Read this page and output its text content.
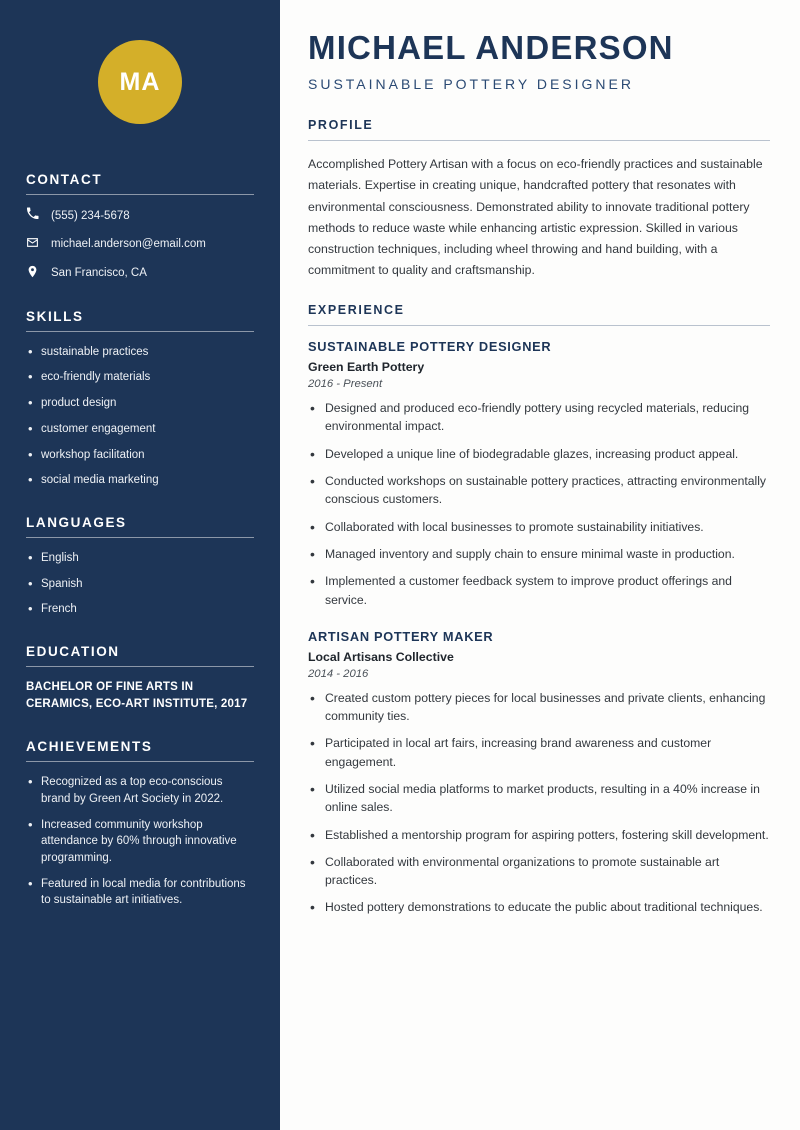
MA
CONTACT
(555) 234-5678
michael.anderson@email.com
San Francisco, CA
SKILLS
• sustainable practices
• eco-friendly materials
• product design
• customer engagement
• workshop facilitation
• social media marketing
LANGUAGES
• English
• Spanish
• French
EDUCATION
BACHELOR OF FINE ARTS IN CERAMICS, ECO-ART INSTITUTE, 2017
ACHIEVEMENTS
• Recognized as a top eco-conscious brand by Green Art Society in 2022.
• Increased community workshop attendance by 60% through innovative programming.
• Featured in local media for contributions to sustainable art initiatives.
MICHAEL ANDERSON
SUSTAINABLE POTTERY DESIGNER
PROFILE

Accomplished Pottery Artisan with a focus on eco-friendly practices and sustainable materials. Expertise in creating unique, handcrafted pottery that resonates with environmental consciousness. Demonstrated ability to innovate traditional pottery methods to reduce waste while enhancing artistic expression. Skilled in various construction techniques, including wheel throwing and hand building, with a commitment to quality and craftsmanship.

EXPERIENCE
SUSTAINABLE POTTERY DESIGNER
Green Earth Pottery
2016 - Present
• Designed and produced eco-friendly pottery using recycled materials, reducing environmental impact.
• Developed a unique line of biodegradable glazes, increasing product appeal.
• Conducted workshops on sustainable pottery practices, attracting environmentally conscious customers.
• Collaborated with local businesses to promote sustainability initiatives.
• Managed inventory and supply chain to ensure minimal waste in production.
• Implemented a customer feedback system to improve product offerings and service.
ARTISAN POTTERY MAKER
Local Artisans Collective
2014 - 2016
• Created custom pottery pieces for local businesses and private clients, enhancing community ties.
• Participated in local art fairs, increasing brand awareness and customer engagement.
• Utilized social media platforms to market products, resulting in a 40% increase in online sales.
• Established a mentorship program for aspiring potters, fostering skill development.
• Collaborated with environmental organizations to promote sustainable art practices.
• Hosted pottery demonstrations to educate the public about traditional techniques.
